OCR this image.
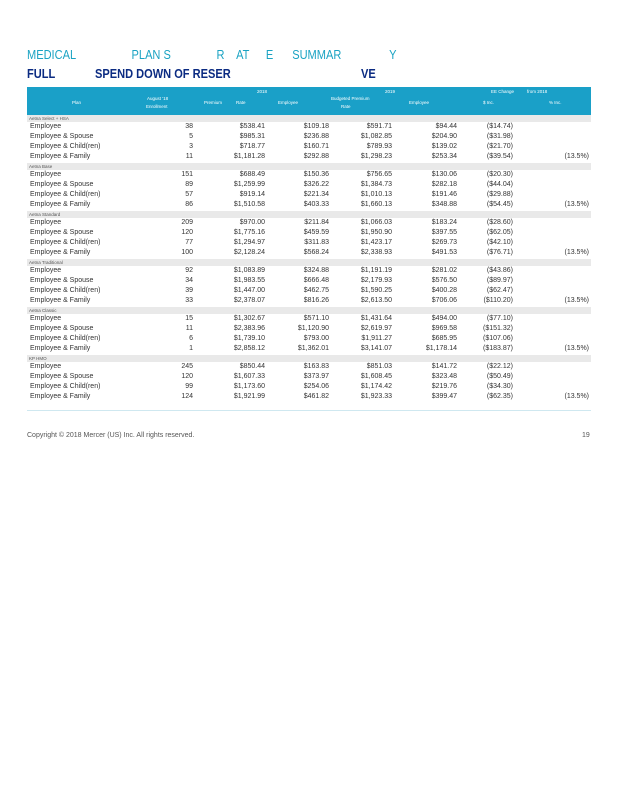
MEDICAL	PLAN S	R AT E SUMMAR	Y
FULL	SPEND DOWN OF RESER	VE
2018	2019	EE Change	from 2018
Plan
August '18
Enrollment
Premium	Rate	Employee
Budgeted Premium
Rate
Employee	$ Inc.	% Inc.
Aetna Select + HSA
Employee	38	$538.41	$109.18	$591.71	$94.44	($14.74)
Employee & Spouse	5	$985.31	$236.88	$1,082.85	$204.90	($31.98)
Employee & Child(ren)	3	$718.77	$160.71	$789.93	$139.02	($21.70)
Employee & Family	11	$1,181.28	$292.88	$1,298.23	$253.34	($39.54)	(13.5%)
Aetna Base
Employee	151	$688.49	$150.36	$756.65	$130.06	($20.30)
Employee & Spouse	89	$1,259.99	$326.22	$1,384.73	$282.18	($44.04)
Employee & Child(ren)	57	$919.14	$221.34	$1,010.13	$191.46	($29.88)
Employee & Family	86	$1,510.58	$403.33	$1,660.13	$348.88	($54.45)	(13.5%)
Aetna Standard
Employee	209	$970.00	$211.84	$1,066.03	$183.24	($28.60)
Employee & Spouse	120	$1,775.16	$459.59	$1,950.90	$397.55	($62.05)
Employee & Child(ren)	77	$1,294.97	$311.83	$1,423.17	$269.73	($42.10)
Employee & Family	100	$2,128.24	$568.24	$2,338.93	$491.53	($76.71)	(13.5%)
Aetna Traditional
Employee	92	$1,083.89	$324.88	$1,191.19	$281.02	($43.86)
Employee & Spouse	34	$1,983.55	$666.48	$2,179.93	$576.50	($89.97)
Employee & Child(ren)	39	$1,447.00	$462.75	$1,590.25	$400.28	($62.47)
Employee & Family	33	$2,378.07	$816.26	$2,613.50	$706.06	($110.20)	(13.5%)
Aetna Classic
Employee	15	$1,302.67	$571.10	$1,431.64	$494.00	($77.10)
Employee & Spouse	11	$2,383.96	$1,120.90	$2,619.97	$969.58	($151.32)
Employee & Child(ren)	6	$1,739.10	$793.00	$1,911.27	$685.95	($107.06)
Employee & Family	1	$2,858.12	$1,362.01	$3,141.07	$1,178.14	($183.87)	(13.5%)
KP HMO
Employee	245	$850.44	$163.83	$851.03	$141.72	($22.12)
Employee & Spouse	120	$1,607.33	$373.97	$1,608.45	$323.48	($50.49)
Employee & Child(ren)	99	$1,173.60	$254.06	$1,174.42	$219.76	($34.30)
Employee & Family	124	$1,921.99	$461.82	$1,923.33	$399.47	($62.35)	(13.5%)
Copyright © 2018 Mercer (US) Inc. All rights reserved.	19
